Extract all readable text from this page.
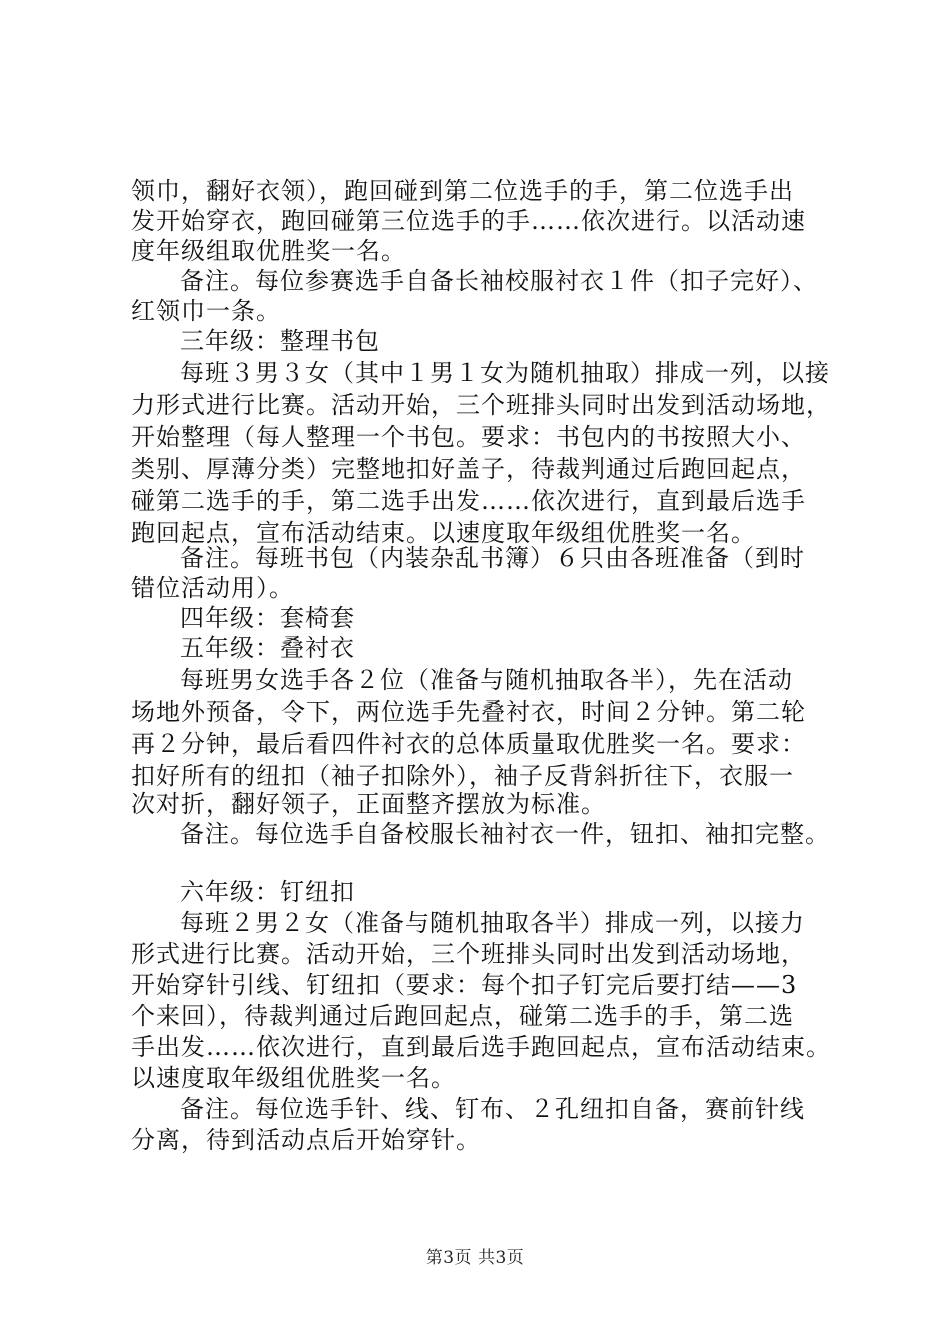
领巾，翻好衣领），跑回碰到第二位选手的手，第二位选手出
发开始穿衣，跑回碰第三位选手的手……依次进行。以活动速
度年级组取优胜奖一名。
备注。每位参赛选手自备长袖校服衬衣１件（扣子完好）、
红领巾一条。
三年级：整理书包
每班３男３女（其中１男１女为随机抽取）排成一列，以接
力形式进行比赛。活动开始，三个班排头同时出发到活动场地，
开始整理（每人整理一个书包。要求：书包内的书按照大小、
类别、厚薄分类）完整地扣好盖子，待裁判通过后跑回起点，
碰第二选手的手，第二选手出发……依次进行，直到最后选手
跑回起点，宣布活动结束。以速度取年级组优胜奖一名。
备注。每班书包（内装杂乱书簿）６只由各班准备（到时
错位活动用）。
四年级：套椅套
五年级：叠衬衣
每班男女选手各２位（准备与随机抽取各半），先在活动
场地外预备，令下，两位选手先叠衬衣，时间２分钟。第二轮
再２分钟，最后看四件衬衣的总体质量取优胜奖一名。要求：
扣好所有的纽扣（袖子扣除外），袖子反背斜折往下，衣服一
次对折，翻好领子，正面整齐摆放为标准。
备注。每位选手自备校服长袖衬衣一件，钮扣、袖扣完整。
六年级：钉纽扣
每班２男２女（准备与随机抽取各半）排成一列，以接力
形式进行比赛。活动开始，三个班排头同时出发到活动场地，
开始穿针引线、钉纽扣（要求：每个扣子钉完后要打结——3
个来回），待裁判通过后跑回起点，碰第二选手的手，第二选
手出发……依次进行，直到最后选手跑回起点，宣布活动结束。
以速度取年级组优胜奖一名。
备注。每位选手针、线、钉布、２孔纽扣自备，赛前针线
分离，待到活动点后开始穿针。
第3页 共3页
